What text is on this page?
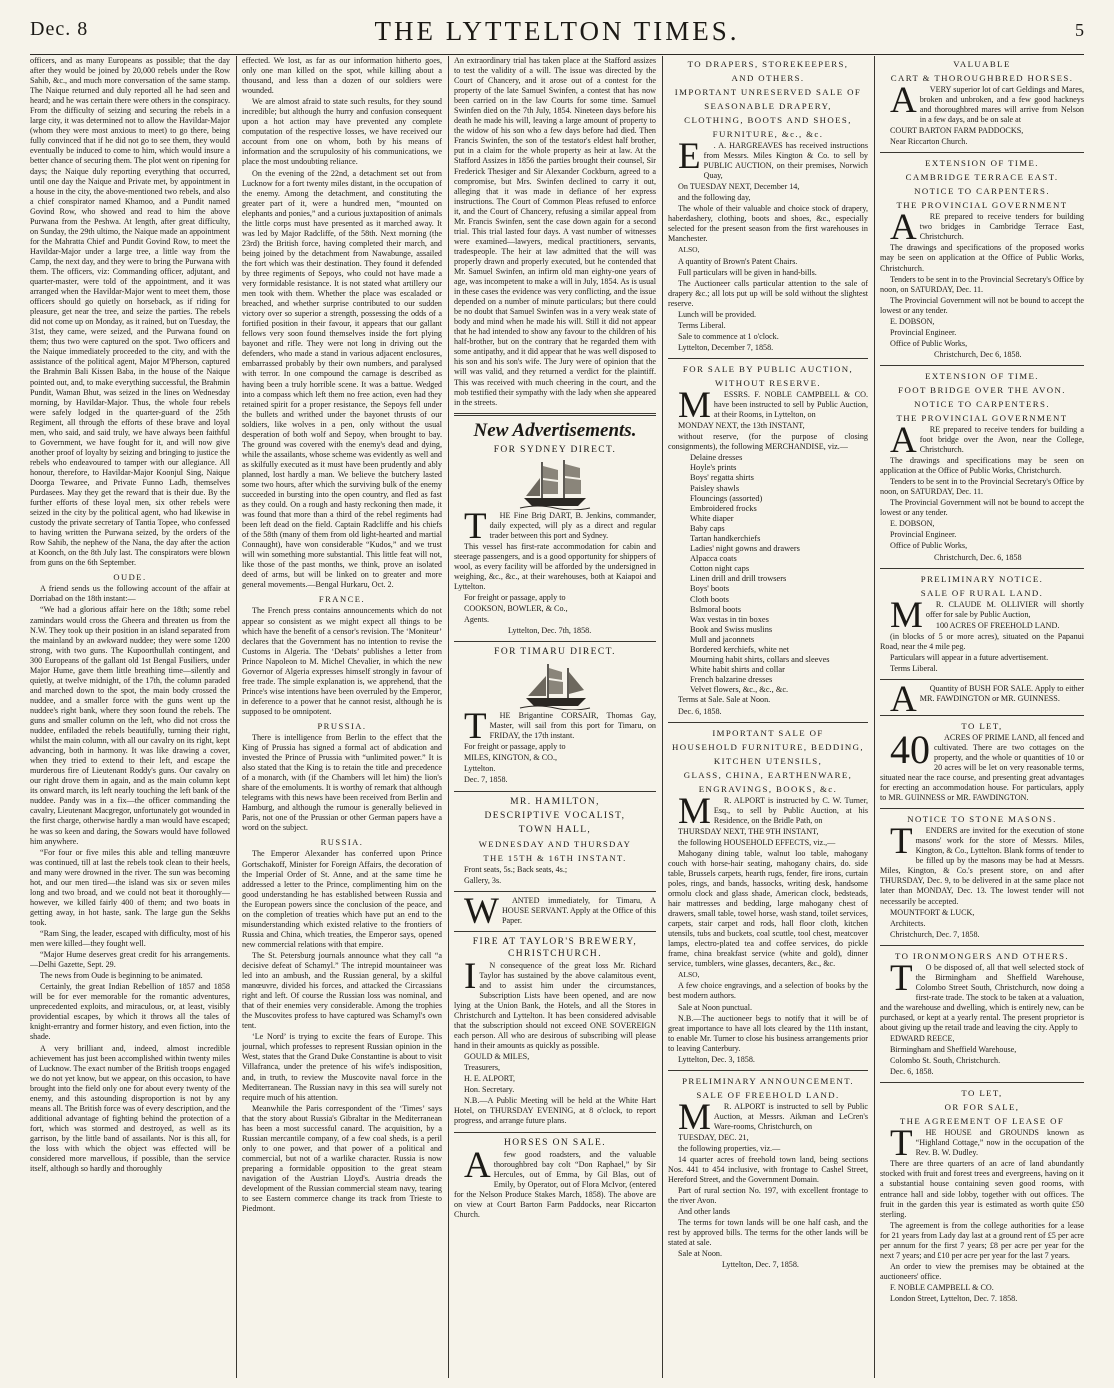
Dec. 8	THE LYTTELTON TIMES.	5

officers, and as many Europeans as possible; that the day after they would be joined by 20,000 rebels under the Row Sahib, &c., and much more conversation of the same stamp. The Naique returned and duly reported all he had seen and heard; and he was certain there were others in the conspiracy. From the difficulty of seizing and securing the rebels in a large city, it was determined not to allow the Havildar-Major (whom they were most anxious to meet) to go there, being fully convinced that if he did not go to see them, they would eventually be induced to come to him, which would insure a better chance of securing them. The plot went on ripening for days; the Naique duly reporting everything that occurred, until one day the Naique and Private met, by appointment in a house in the city, the above-mentioned two rebels, and also a chief conspirator named Khamoo, and a Pundit named Govind Row, who showed and read to him the above Purwana from the Peshwa. At length, after great difficulty, on Sunday, the 29th ultimo, the Naique made an appointment for the Mahratta Chief and Pundit Govind Row, to meet the Havildar-Major under a large tree, a little way from the Camp, the next day, and they were to bring the Purwana with them. The officers, viz: Commanding officer, adjutant, and quarter-master, were told of the appointment, and it was arranged when the Havildar-Major went to meet them, those officers should go quietly on horseback, as if riding for pleasure, get near the tree, and seize the parties. The rebels did not come up on Monday, as it rained, but on Tuesday, the 31st, they came, were seized, and the Purwana found on them; thus two were captured on the spot. Two officers and the Naique immediately proceeded to the city, and with the assistance of the political agent, Major M'Pherson, captured the Brahmin Bali Kissen Baba, in the house of the Naique pointed out, and, to make everything successful, the Brahmin Pundit, Waman Bhut, was seized in the lines on Wednesday morning, by Havildar-Major. Thus, the whole four rebels were safely lodged in the quarter-guard of the 25th Regiment, all through the efforts of these brave and loyal men, who said, and said truly, we have always been faithful to Government, we have fought for it, and will now give another proof of loyalty by seizing and bringing to justice the rebels who endeavoured to tamper with our allegiance. All honour, therefore, to Havildar-Major Koonjul Sing, Naique Doorga Tewaree, and Private Funno Ladh, themselves Purdasees. May they get the reward that is their due. By the further efforts of these loyal men, six other rebels were seized in the city by the political agent, who had likewise in custody the private secretary of Tantia Topee, who confessed to having written the Purwana seized, by the orders of the Row Sahib, the nephew of the Nana, the day after the action at Koonch, on the 8th July last. The conspirators were blown from guns on the 6th September.

OUDE.

A friend sends us the following account of the affair at Dorriabad on the 18th instant:—

“We had a glorious affair here on the 18th; some rebel zamindars would cross the Gheera and threaten us from the N.W. They took up their position in an island separated from the mainland by an awkward nuddee; they were some 1200 strong, with two guns. The Kupoorthullah contingent, and 300 Europeans of the gallant old 1st Bengal Fusiliers, under Major Hume, gave them little breathing time—silently and quietly, at twelve midnight, of the 17th, the column paraded and marched down to the spot, the main body crossed the nuddee, and a smaller force with the guns went up the nuddee's right bank, where they soon found the rebels. The guns and smaller column on the left, who did not cross the nuddee, enfiladed the rebels beautifully, turning their right, whilst the main column, with all our cavalry on its right, kept advancing, both in harmony. It was like drawing a cover, when they tried to extend to their left, and escape the murderous fire of Lieutenant Roddy's guns. Our cavalry on our right drove them in again, and as the main column kept its onward march, its left nearly touching the left bank of the nuddee. Pandy was in a fix—the officer commanding the cavalry, Lieutenant Macgregor, unfortunately got wounded in the first charge, otherwise hardly a man would have escaped; he was so keen and daring, the Sowars would have followed him anywhere.

“For four or five miles this able and telling manœuvre was continued, till at last the rebels took clean to their heels, and many were drowned in the river. The sun was becoming hot, and our men tired—the island was six or seven miles long and two broad, and we could not beat it thoroughly—however, we killed fairly 400 of them; and two boats in getting away, in hot haste, sank. The large gun the Sekhs took.

“Ram Sing, the leader, escaped with difficulty, most of his men were killed—they fought well.

“Major Hume deserves great credit for his arrangements.—Delhi Gazette, Sept. 29.

The news from Oude is beginning to be animated.

Certainly, the great Indian Rebellion of 1857 and 1858 will be for ever memorable for the romantic adventures, unprecedented exploits, and miraculous, or, at least, visibly providential escapes, by which it throws all the tales of knight-errantry and former history, and even fiction, into the shade.

A very brilliant and, indeed, almost incredible achievement has just been accomplished within twenty miles of Lucknow. The exact number of the British troops engaged we do not yet know, but we appear, on this occasion, to have brought into the field only one for about every twenty of the enemy, and this astounding disproportion is not by any means all. The British force was of every description, and the additional advantage of fighting behind the protection of a fort, which was stormed and destroyed, as well as its garrison, by the little band of assailants. Nor is this all, for the loss with which the object was effected will be considered more marvellous, if possible, than the service itself, although so hardly and thoroughly

effected. We lost, as far as our information hitherto goes, only one man killed on the spot, while killing about a thousand, and less than a dozen of our soldiers were wounded.

We are almost afraid to state such results, for they sound incredible; but although the hurry and confusion consequent upon a hot action may have prevented any complete computation of the respective losses, we have received our account from one on whom, both by his means of information and the scrupulosity of his communications, we place the most undoubting reliance.

On the evening of the 22nd, a detachment set out from Lucknow for a fort twenty miles distant, in the occupation of the enemy. Among the detachment, and constituting the greater part of it, were a hundred men, “mounted on elephants and ponies,” and a curious juxtaposition of animals the little corps must have presented as it marched away. It was led by Major Radcliffe, of the 58th. Next morning (the 23rd) the British force, having completed their march, and being joined by the detachment from Nawabunge, assailed the fort which was their destination. They found it defended by three regiments of Sepoys, who could not have made a very formidable resistance. It is not stated what artillery our men took with them. Whether the place was escaladed or breached, and whether surprise contributed to our sudden victory over so superior a strength, possessing the odds of a fortified position in their favour, it appears that our gallant fellows very soon found themselves inside the fort plying bayonet and rifle. They were not long in driving out the defenders, who made a stand in various adjacent enclosures, embarrassed probably by their own numbers, and paralysed with terror. In one compound the carnage is described as having been a truly horrible scene. It was a battue. Wedged into a compass which left them no free action, even had they retained spirit for a proper resistance, the Sepoys fell under the bullets and writhed under the bayonet thrusts of our soldiers, like wolves in a pen, only without the usual desperation of both wolf and Sepoy, when brought to bay. The ground was covered with the enemy's dead and dying, while the assailants, whose scheme was evidently as well and as skilfully executed as it must have been prudently and ably planned, lost hardly a man. We believe the butchery lasted some two hours, after which the surviving bulk of the enemy succeeded in bursting into the open country, and fled as fast as they could. On a rough and hasty reckoning then made, it was found that more than a third of the rebel regiments had been left dead on the field. Captain Radcliffe and his chiefs of the 58th (many of them from old light-hearted and martial Connaught), have won considerable “Kudos,” and we trust will win something more substantial. This little feat will not, like those of the past months, we think, prove an isolated deed of arms, but will be linked on to greater and more general movements.—Bengal Hurkaru, Oct. 2.

FRANCE.

The French press contains announcements which do not appear so consistent as we might expect all things to be which have the benefit of a censor's revision. The ‘Moniteur’ declares that the Government has no intention to revise the Customs in Algeria. The ‘Debats’ publishes a letter from Prince Napoleon to M. Michel Chevalier, in which the new Governor of Algeria expresses himself strongly in favour of free trade. The simple explanation is, we apprehend, that the Prince's wise intentions have been overruled by the Emperor, in deference to a power that he cannot resist, although he is supposed to be omnipotent.

PRUSSIA.

There is intelligence from Berlin to the effect that the King of Prussia has signed a formal act of abdication and invested the Prince of Prussia with “unlimited power.” It is also stated that the King is to retain the title and precedence of a monarch, with (if the Chambers will let him) the lion's share of the emoluments. It is worthy of remark that although telegrams with this news have been received from Berlin and Hamburg, and although the rumour is generally believed in Paris, not one of the Prussian or other German papers have a word on the subject.

RUSSIA.

The Emperor Alexander has conferred upon Prince Gortschakoff, Minister for Foreign Affairs, the decoration of the Imperial Order of St. Anne, and at the same time he addressed a letter to the Prince, complimenting him on the good understanding he has established between Russia and the European powers since the conclusion of the peace, and on the completion of treaties which have put an end to the misunderstanding which existed relative to the frontiers of Russia and China, which treaties, the Emperor says, opened new commercial relations with that empire.

The St. Petersburg journals announce what they call “a decisive defeat of Schamyl.” The intrepid mountaineer was led into an ambush, and the Russian general, by a skilful manœuvre, divided his forces, and attacked the Circassians right and left. Of course the Russian loss was nominal, and that of their enemies very considerable. Among the trophies the Muscovites profess to have captured was Schamyl's own tent.

‘Le Nord’ is trying to excite the fears of Europe. This journal, which professes to represent Russian opinion in the West, states that the Grand Duke Constantine is about to visit Villafranca, under the pretence of his wife's indisposition, and, in truth, to review the Muscovite naval force in the Mediterranean. The Russian navy in this sea will surely not require much of his attention.

Meanwhile the Paris correspondent of the ‘Times’ says that the story about Russia's Gibraltar in the Mediterranean has been a most successful canard. The acquisition, by a Russian mercantile company, of a few coal sheds, is a peril only to one power, and that power of a political and commercial, but not of a warlike character. Russia is now preparing a formidable opposition to the great steam navigation of the Austrian Lloyd's. Austria dreads the development of the Russian commercial steam navy, tearing to see Eastern commerce change its track from Trieste to Piedmont.

An extraordinary trial has taken place at the Stafford assizes to test the validity of a will. The issue was directed by the Court of Chancery, and it arose out of a contest for the property of the late Samuel Swinfen, a contest that has now been carried on in the law Courts for some time. Samuel Swinfen died on the 7th July, 1854. Nineteen days before his death he made his will, leaving a large amount of property to the widow of his son who a few days before had died. Then Francis Swinfen, the son of the testator's eldest half brother, put in a claim for the whole property as heir at law. At the Stafford Assizes in 1856 the parties brought their counsel, Sir Frederick Thesiger and Sir Alexander Cockburn, agreed to a compromise, but Mrs. Swinfen declined to carry it out, alleging that it was made in defiance of her express instructions. The Court of Common Pleas refused to enforce it, and the Court of Chancery, refusing a similar appeal from Mr. Francis Swinfen, sent the case down again for a second trial. This trial lasted four days. A vast number of witnesses were examined—lawyers, medical practitioners, servants, tradespeople. The heir at law admitted that the will was properly drawn and properly executed, but he contended that Mr. Samuel Swinfen, an infirm old man eighty-one years of age, was incompetent to make a will in July, 1854. As is usual in these cases the evidence was very conflicting, and the issue depended on a number of minute particulars; but there could be no doubt that Samuel Swinfen was in a very weak state of body and mind when he made his will. Still it did not appear that he had intended to show any favour to the children of his half-brother, but on the contrary that he regarded them with some antipathy, and it did appear that he was well disposed to his son and his son's wife. The Jury were of opinion that the will was valid, and they returned a verdict for the plaintiff. This was received with much cheering in the court, and the mob testified their sympathy with the lady when she appeared in the streets.

New Advertisements.
FOR SYDNEY DIRECT.

T HE Fine Brig DART, B. Jenkins, commander, daily expected, will ply as a direct and regular trader between this port and Sydney.

This vessel has first-rate accommodation for cabin and steerage passengers, and is a good opportunity for shippers of wool, as every facility will be afforded by the undersigned in weighing, &c., &c., at their warehouses, both at Kaiapoi and Lyttelton.

For freight or passage, apply to

COOKSON, BOWLER, & Co.,

Agents.

Lyttelton, Dec. 7th, 1858.

FOR TIMARU DIRECT.

T HE Brigantine CORSAIR, Thomas Gay, Master, will sail from this port for Timaru, on FRIDAY, the 17th instant.

For freight or passage, apply to

MILES, KINGTON, & CO.,

Lyttelton.

Dec. 7, 1858.

MR. HAMILTON,
DESCRIPTIVE VOCALIST,
TOWN HALL,
WEDNESDAY AND THURSDAY
THE 15TH & 16TH INSTANT.

Front seats, 5s.; Back seats, 4s.;

Gallery, 3s.

W ANTED immediately, for Timaru, A HOUSE SERVANT. Apply at the Office of this Paper.

FIRE AT TAYLOR'S BREWERY, CHRISTCHURCH.

I N consequence of the great loss Mr. Richard Taylor has sustained by the above calamitous event, and to assist him under the circumstances, Subscription Lists have been opened, and are now lying at the Union Bank, the Hotels, and all the Stores in Christchurch and Lyttelton. It has been considered advisable that the subscription should not exceed ONE SOVEREIGN each person. All who are desirous of subscribing will please hand in their amounts as quickly as possible.

GOULD & MILES,

Treasurers,

H. E. ALPORT,

Hon. Secretary.

N.B.—A Public Meeting will be held at the White Hart Hotel, on THURSDAY EVENING, at 8 o'clock, to report progress, and arrange future plans.

HORSES ON SALE.

A few good roadsters, and the valuable thoroughbred bay colt “Don Raphael,” by Sir Hercules, out of Emma, by Gil Blas, out of Emily, by Operator, out of Flora McIvor, (entered for the Nelson Produce Stakes March, 1858). The above are on view at Court Barton Farm Paddocks, near Riccarton Church.

TO DRAPERS, STOREKEEPERS,
AND OTHERS.
IMPORTANT UNRESERVED SALE OF
SEASONABLE DRAPERY,
CLOTHING, BOOTS AND SHOES,
FURNITURE, &c., &c.

E . A. HARGREAVES has received instructions from Messrs. Miles Kington & Co. to sell by PUBLIC AUCTION, on their premises, Norwich Quay,

On TUESDAY NEXT, December 14,

and the following day,

The whole of their valuable and choice stock of drapery, haberdashery, clothing, boots and shoes, &c., especially selected for the present season from the first warehouses in Manchester.

ALSO,

A quantity of Brown's Patent Chairs.

Full particulars will be given in hand-bills.

The Auctioneer calls particular attention to the sale of drapery &c.; all lots put up will be sold without the slightest reserve.

Lunch will be provided.

Terms Liberal.

Sale to commence at 1 o'clock.

Lyttelton, December 7, 1858.

FOR SALE BY PUBLIC AUCTION,
WITHOUT RESERVE.

M ESSRS. F. NOBLE CAMPBELL & CO. have been instructed to sell by Public Auction, at their Rooms, in Lyttelton, on

MONDAY NEXT, the 13th INSTANT,

without reserve, (for the purpose of closing consignments), the following MERCHANDISE, viz.—

Delaine dresses
Hoyle's prints
Boys' regatta shirts
Paisley shawls
Flouncings (assorted)
Embroidered frocks
White diaper
Baby caps
Tartan handkerchiefs
Ladies' night gowns and drawers
Alpacca coats
Cotton night caps
Linen drill and drill trowsers
Boys' boots
Cloth boots
Bslmoral boots
Wax vestas in tin boxes
Book and Swiss muslins
Mull and jaconnets
Bordered kerchiefs, white net
Mourning habit shirts, collars and sleeves
White habit shirts and collar
French balzarine dresses
Velvet flowers, &c., &c., &c.

Terms at Sale. Sale at Noon.

Dec. 6, 1858.

IMPORTANT SALE OF
HOUSEHOLD FURNITURE, BEDDING,
KITCHEN UTENSILS,
GLASS, CHINA, EARTHENWARE,
ENGRAVINGS, BOOKS, &c.

M R. ALPORT is instructed by C. W. Turner, Esq., to sell by Public Auction, at his Residence, on the Bridle Path, on

THURSDAY NEXT, THE 9TH INSTANT,

the following HOUSEHOLD EFFECTS, viz.,—

Mahogany dining table, walnut loo table, mahogany couch with horse-hair seating, mahogany chairs, do. side table, Brussels carpets, hearth rugs, fender, fire irons, curtain poles, rings, and bands, hassocks, writing desk, handsome ormolu clock and glass shade, American clock, bedsteads, hair mattresses and bedding, large mahogany chest of drawers, small table, towel horse, wash stand, toilet services, carpets, stair carpet and rods, hall floor cloth, kitchen utensils, tubs and buckets, coal scuttle, tool chest, meatcover lamps, electro-plated tea and coffee services, do pickle frame, china breakfast service (white and gold), dinner service, tumblers, wine glasses, decanters, &c., &c.

ALSO,

A few choice engravings, and a selection of books by the best modern authors.

Sale at Noon punctual.

N.B.—The auctioneer begs to notify that it will be of great importance to have all lots cleared by the 11th instant, to enable Mr. Turner to close his business arrangements prior to leaving Canterbury.

Lyttelton, Dec. 3, 1858.

PRELIMINARY ANNOUNCEMENT.
SALE OF FREEHOLD LAND.

M R. ALPORT is instructed to sell by Public Auction, at Messrs. Aikman and LeCren's Ware-rooms, Christchurch, on

TUESDAY, DEC. 21,

the following properties, viz.—

14 quarter acres of freehold town land, being sections Nos. 441 to 454 inclusive, with frontage to Cashel Street, Hereford Street, and the Government Domain.

Part of rural section No. 197, with excellent frontage to the river Avon.

And other lands

The terms for town lands will be one half cash, and the rest by approved bills. The terms for the other lands will be stated at sale.

Sale at Noon.

Lyttelton, Dec. 7, 1858.

VALUABLE
CART & THOROUGHBRED HORSES.

A VERY superior lot of cart Geldings and Mares, broken and unbroken, and a few good hackneys and thoroughbred mares will arrive from Nelson in a few days, and be on sale at

COURT BARTON FARM PADDOCKS,

Near Riccarton Church.

EXTENSION OF TIME.
CAMBRIDGE TERRACE EAST.
NOTICE TO CARPENTERS.
THE PROVINCIAL GOVERNMENT

A RE prepared to receive tenders for building two bridges in Cambridge Terrace East, Christchurch.

The drawings and specifications of the proposed works may be seen on application at the Office of Public Works, Christchurch.

Tenders to be sent in to the Provincial Secretary's Office by noon, on SATURDAY, Dec. 11.

The Provincial Government will not be bound to accept the lowest or any tender.

E. DOBSON,

Provincial Engineer.

Office of Public Works,

Christchurch, Dec 6, 1858.

EXTENSION OF TIME.
FOOT BRIDGE OVER THE AVON.
NOTICE TO CARPENTERS.
THE PROVINCIAL GOVERNMENT

A RE prepared to receive tenders for building a foot bridge over the Avon, near the College, Christchurch.

The drawings and specifications may be seen on application at the Office of Public Works, Christchurch.

Tenders to be sent in to the Provincial Secretary's Office by noon, on SATURDAY, Dec. 11.

The Provincial Government will not be bound to accept the lowest or any tender.

E. DOBSON,

Provincial Engineer.

Office of Public Works,

Christchurch, Dec. 6, 1858

PRELIMINARY NOTICE.
SALE OF RURAL LAND.

M R. CLAUDE M. OLLIVIER will shortly offer for sale by Public Auction,

100 ACRES OF FREEHOLD LAND.

(in blocks of 5 or more acres), situated on the Papanui Road, near the 4 mile peg.

Particulars will appear in a future advertisement.

Terms Liberal.

A Quantity of BUSH FOR SALE. Apply to either MR. FAWDINGTON or MR. GUINNESS.

TO LET,

40 ACRES OF PRIME LAND, all fenced and cultivated. There are two cottages on the property, and the whole or quantities of 10 or 20 acres will be let on very reasonable terms, situated near the race course, and presenting great advantages for erecting an accommodation house. For particulars, apply to MR. GUINNESS or MR. FAWDINGTON.

NOTICE TO STONE MASONS.

T ENDERS are invited for the execution of stone masons' work for the store of Messrs. Miles, Kington, & Co., Lyttelton. Blank forms of tender to be filled up by the masons may be had at Messrs. Miles, Kington, & Co.'s present store, on and after THURSDAY, Dec. 9, to be delivered in at the same place not later than MONDAY, Dec. 13. The lowest tender will not necessarily be accepted.

MOUNTFORT & LUCK,

Architects.

Christchurch, Dec. 7, 1858.

TO IRONMONGERS AND OTHERS.

T O be disposed of, all that well selected stock of the Birmingham and Sheffield Warehouse, Colombo Street South, Christchurch, now doing a first-rate trade. The stock to be taken at a valuation, and the warehouse and dwelling, which is entirely new, can be purchased, or kept at a yearly rental. The present proprietor is about giving up the retail trade and leaving the city. Apply to

EDWARD REECE,

Birmingham and Sheffield Warehouse,

Colombo St. South, Christchurch.

Dec. 6, 1858.

TO LET,
OR FOR SALE,
THE AGREEMENT OF LEASE OF

T HE HOUSE and GROUNDS known as “Highland Cottage,” now in the occupation of the Rev. B. W. Dudley.

There are three quarters of an acre of land abundantly stocked with fruit and forest trees and evergreens, having on it a substantial house containing seven good rooms, with entrance hall and side lobby, together with out offices. The fruit in the garden this year is estimated as worth quite £50 sterling.

The agreement is from the college authorities for a lease for 21 years from Lady day last at a ground rent of £5 per acre per annum for the first 7 years; £8 per acre per year for the next 7 years; and £10 per acre per year for the last 7 years.

An order to view the premises may be obtained at the auctioneers' office.

F. NOBLE CAMPBELL & CO.

London Street, Lyttelton, Dec. 7. 1858.
